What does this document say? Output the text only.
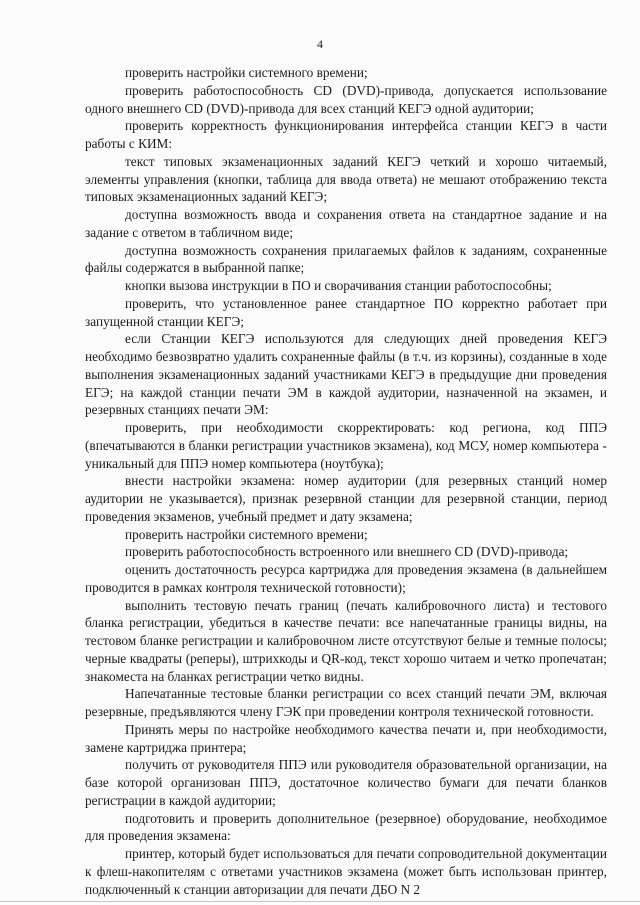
4

проверить настройки системного времени;

проверить работоспособность CD (DVD)-привода, допускается использование одного внешнего CD (DVD)-привода для всех станций КЕГЭ одной аудитории;

проверить корректность функционирования интерфейса станции КЕГЭ в части работы с КИМ:

текст типовых экзаменационных заданий КЕГЭ четкий и хорошо читаемый, элементы управления (кнопки, таблица для ввода ответа) не мешают отображению текста типовых экзаменационных заданий КЕГЭ;

доступна возможность ввода и сохранения ответа на стандартное задание и на задание с ответом в табличном виде;

доступна возможность сохранения прилагаемых файлов к заданиям, сохраненные файлы содержатся в выбранной папке;

кнопки вызова инструкции в ПО и сворачивания станции работоспособны;

проверить, что установленное ранее стандартное ПО корректно работает при запущенной станции КЕГЭ;

если Станции КЕГЭ используются для следующих дней проведения КЕГЭ необходимо безвозвратно удалить сохраненные файлы (в т.ч. из корзины), созданные в ходе выполнения экзаменационных заданий участниками КЕГЭ в предыдущие дни проведения ЕГЭ; на каждой станции печати ЭМ в каждой аудитории, назначенной на экзамен, и резервных станциях печати ЭМ:

проверить, при необходимости скорректировать: код региона, код ППЭ (впечатываются в бланки регистрации участников экзамена), код МСУ, номер компьютера - уникальный для ППЭ номер компьютера (ноутбука);

внести настройки экзамена: номер аудитории (для резервных станций номер аудитории не указывается), признак резервной станции для резервной станции, период проведения экзаменов, учебный предмет и дату экзамена;

проверить настройки системного времени;

проверить работоспособность встроенного или внешнего CD (DVD)-привода;

оценить достаточность ресурса картриджа для проведения экзамена (в дальнейшем проводится в рамках контроля технической готовности);

выполнить тестовую печать границ (печать калибровочного листа) и тестового бланка регистрации, убедиться в качестве печати: все напечатанные границы видны, на тестовом бланке регистрации и калибровочном листе отсутствуют белые и темные полосы; черные квадраты (реперы), штрихкоды и QR-код, текст хорошо читаем и четко пропечатан; знакоместа на бланках регистрации четко видны.

Напечатанные тестовые бланки регистрации со всех станций печати ЭМ, включая резервные, предъявляются члену ГЭК при проведении контроля технической готовности.

Принять меры по настройке необходимого качества печати и, при необходимости, замене картриджа принтера;

получить от руководителя ППЭ или руководителя образовательной организации, на базе которой организован ППЭ, достаточное количество бумаги для печати бланков регистрации в каждой аудитории;

подготовить и проверить дополнительное (резервное) оборудование, необходимое для проведения экзамена:

принтер, который будет использоваться для печати сопроводительной документации к флеш-накопителям с ответами участников экзамена (может быть использован принтер, подключенный к станции авторизации для печати ДБО N 2
